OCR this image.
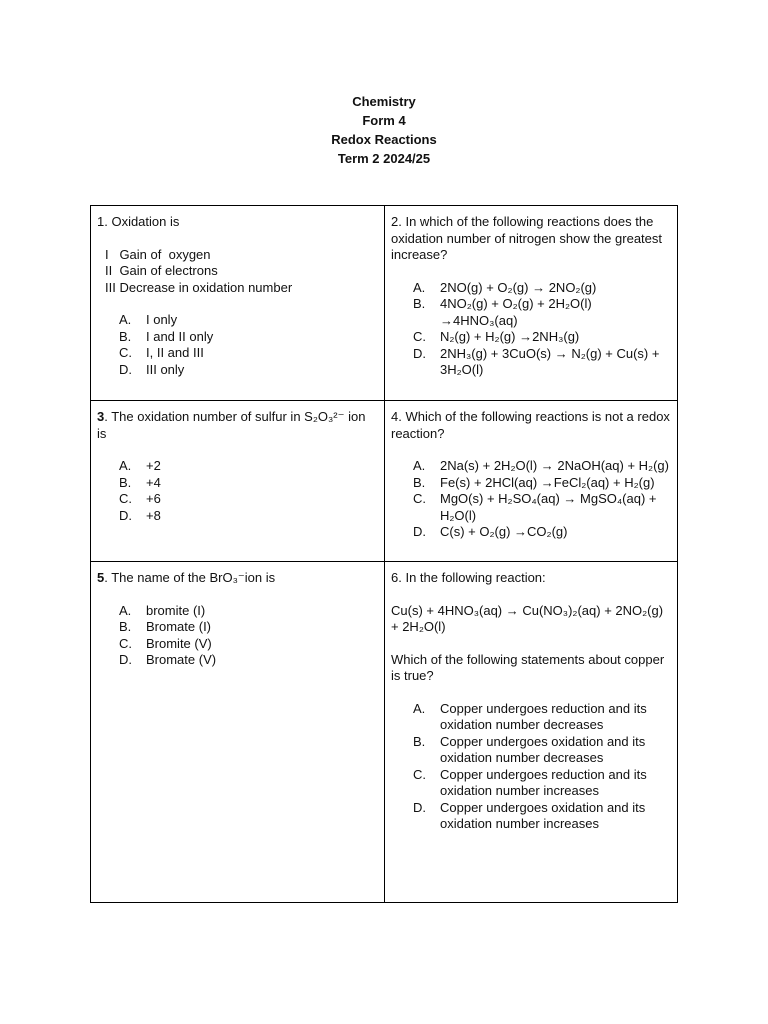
Chemistry
Form 4
Redox Reactions
Term 2 2024/25

1. Oxidation is

I   Gain of  oxygen
II  Gain of electrons
III Decrease in oxidation number
A.	I only
B.	I and II only
C.	I, II and III
D.	III only

2. In which of the following reactions does the oxidation number of nitrogen show the greatest increase?

A.	2NO(g) + O₂(g) → 2NO₂(g)
B.	4NO₂(g) + O₂(g) + 2H₂O(l) →4HNO₃(aq)
C.	N₂(g) + H₂(g) →2NH₃(g)
D.	2NH₃(g) + 3CuO(s) → N₂(g) + Cu(s) + 3H₂O(l)

3. The oxidation number of sulfur in S₂O₃²⁻ ion is

A.	+2
B.	+4
C.	+6
D.	+8

4. Which of the following reactions is not a redox reaction?

A.	2Na(s) + 2H₂O(l) → 2NaOH(aq) + H₂(g)
B.	Fe(s) + 2HCl(aq) →FeCl₂(aq) + H₂(g)
C.	MgO(s) + H₂SO₄(aq) → MgSO₄(aq) + H₂O(l)
D.	C(s) + O₂(g) →CO₂(g)

5. The name of the BrO₃⁻ion is

A.	bromite (I)
B.	Bromate (I)
C.	Bromite (V)
D.	Bromate (V)

6. In the following reaction:

Cu(s) + 4HNO₃(aq) → Cu(NO₃)₂(aq) + 2NO₂(g) + 2H₂O(l)

Which of the following statements about copper is true?

A.	Copper undergoes reduction and its oxidation number decreases
B.	Copper undergoes oxidation and its oxidation number decreases
C.	Copper undergoes reduction and its oxidation number increases
D.	Copper undergoes oxidation and its oxidation number increases
